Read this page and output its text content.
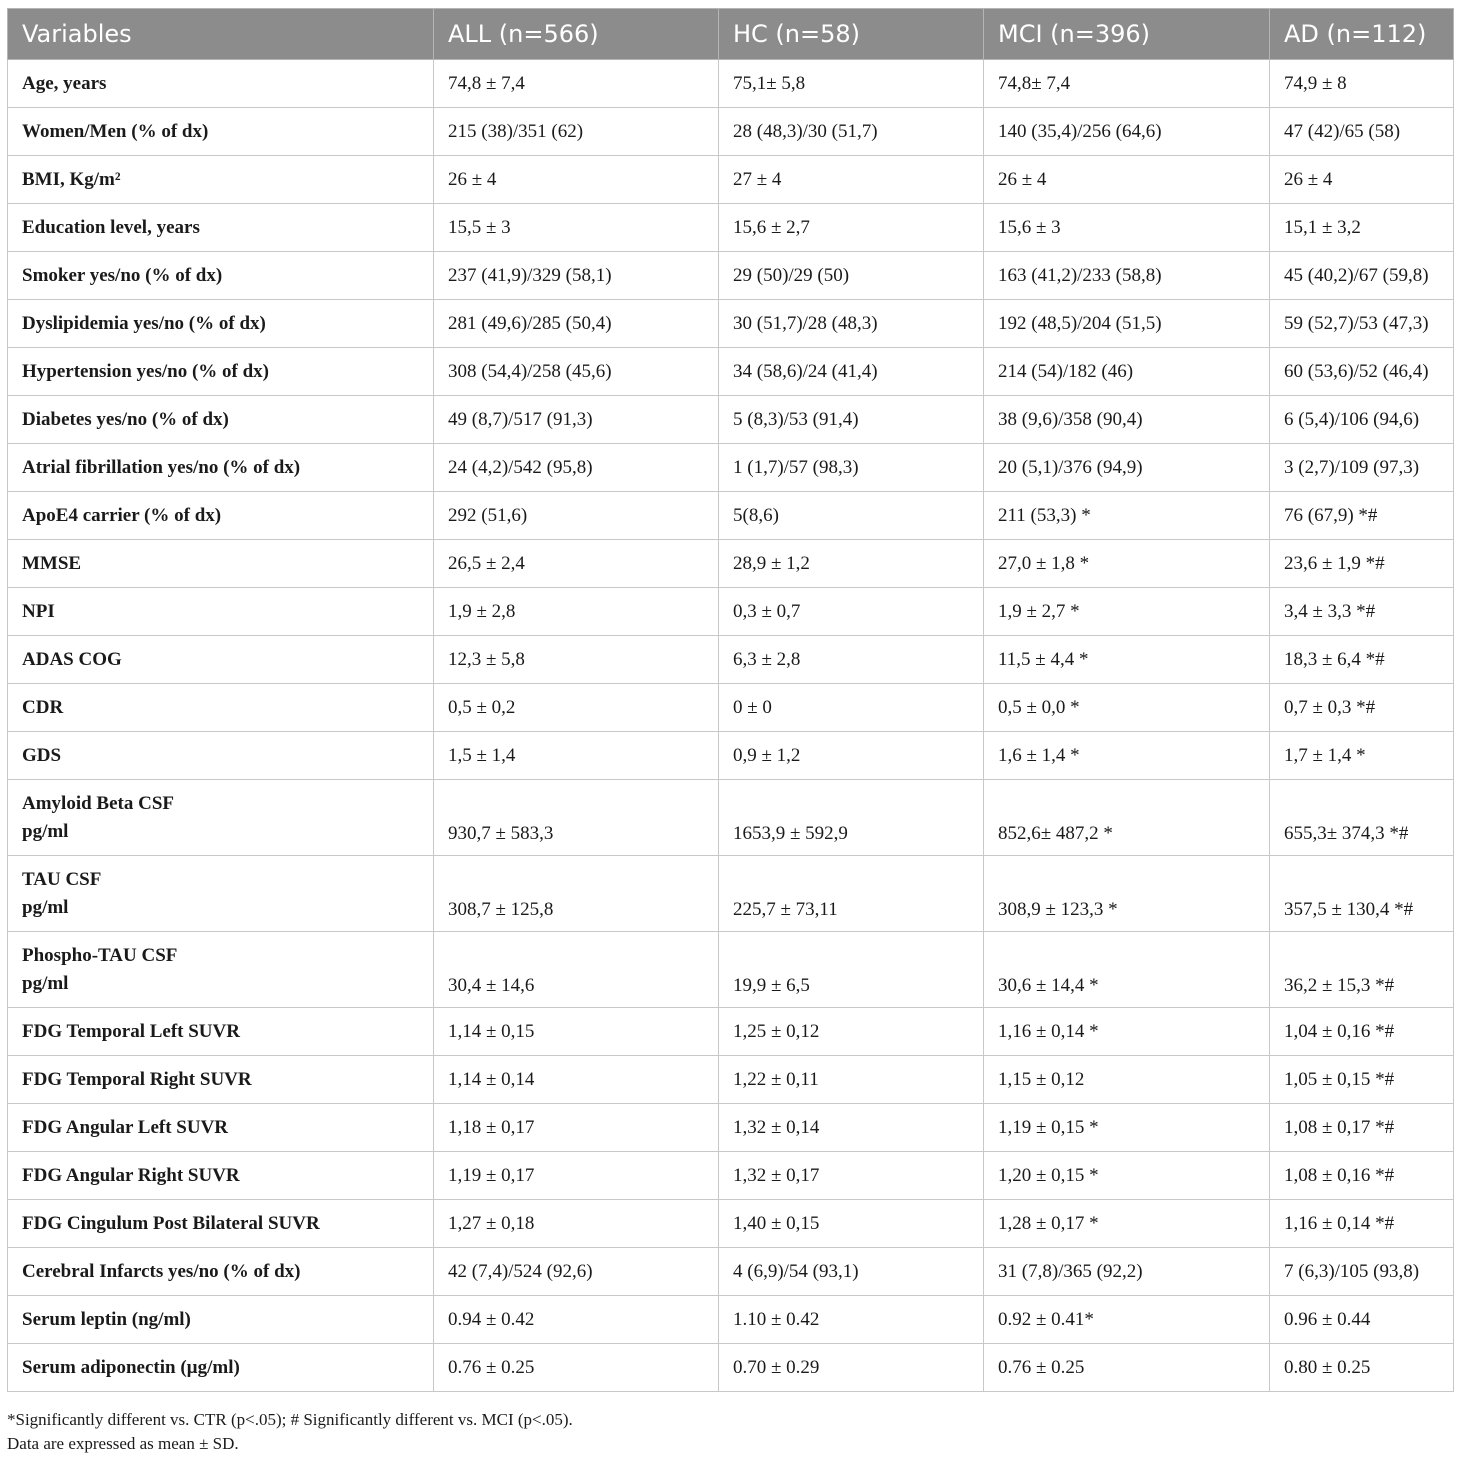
Variables	ALL (n=566)	HC (n=58)	MCI (n=396)	AD (n=112)
Age, years	74,8 ± 7,4	75,1± 5,8	74,8± 7,4	74,9 ± 8
Women/Men (% of dx)	215 (38)/351 (62)	28 (48,3)/30 (51,7)	140 (35,4)/256 (64,6)	47 (42)/65 (58)
BMI, Kg/m²	26 ± 4	27 ± 4	26 ± 4	26 ± 4
Education level, years	15,5 ± 3	15,6 ± 2,7	15,6 ± 3	15,1 ± 3,2
Smoker yes/no (% of dx)	237 (41,9)/329 (58,1)	29 (50)/29 (50)	163 (41,2)/233 (58,8)	45 (40,2)/67 (59,8)
Dyslipidemia yes/no (% of dx)	281 (49,6)/285 (50,4)	30 (51,7)/28 (48,3)	192 (48,5)/204 (51,5)	59 (52,7)/53 (47,3)
Hypertension yes/no (% of dx)	308 (54,4)/258 (45,6)	34 (58,6)/24 (41,4)	214 (54)/182 (46)	60 (53,6)/52 (46,4)
Diabetes yes/no (% of dx)	49 (8,7)/517 (91,3)	5 (8,3)/53 (91,4)	38 (9,6)/358 (90,4)	6 (5,4)/106 (94,6)
Atrial fibrillation yes/no (% of dx)	24 (4,2)/542 (95,8)	1 (1,7)/57 (98,3)	20 (5,1)/376 (94,9)	3 (2,7)/109 (97,3)
ApoE4 carrier (% of dx)	292 (51,6)	5(8,6)	211 (53,3) *	76 (67,9) *#
MMSE	26,5 ± 2,4	28,9 ± 1,2	27,0 ± 1,8 *	23,6 ± 1,9 *#
NPI	1,9 ± 2,8	0,3 ± 0,7	1,9 ± 2,7 *	3,4 ± 3,3 *#
ADAS COG	12,3 ± 5,8	6,3 ± 2,8	11,5 ± 4,4 *	18,3 ± 6,4 *#
CDR	0,5 ± 0,2	0 ± 0	0,5 ± 0,0 *	0,7 ± 0,3 *#
GDS	1,5 ± 1,4	0,9 ± 1,2	1,6 ± 1,4 *	1,7 ± 1,4 *

Amyloid Beta CSF
pg/ml	930,7 ± 583,3	1653,9 ± 592,9	852,6± 487,2 *	655,3± 374,3 *#

TAU CSF
pg/ml	308,7 ± 125,8	225,7 ± 73,11	308,9 ± 123,3 *	357,5 ± 130,4 *#

Phospho-TAU CSF
pg/ml	30,4 ± 14,6	19,9 ± 6,5	30,6 ± 14,4 *	36,2 ± 15,3 *#
FDG Temporal Left SUVR	1,14 ± 0,15	1,25 ± 0,12	1,16 ± 0,14 *	1,04 ± 0,16 *#
FDG Temporal Right SUVR	1,14 ± 0,14	1,22 ± 0,11	1,15 ± 0,12	1,05 ± 0,15 *#
FDG Angular Left SUVR	1,18 ± 0,17	1,32 ± 0,14	1,19 ± 0,15 *	1,08 ± 0,17 *#
FDG Angular Right SUVR	1,19 ± 0,17	1,32 ± 0,17	1,20 ± 0,15 *	1,08 ± 0,16 *#
FDG Cingulum Post Bilateral SUVR	1,27 ± 0,18	1,40 ± 0,15	1,28 ± 0,17 *	1,16 ± 0,14 *#
Cerebral Infarcts yes/no (% of dx)	42 (7,4)/524 (92,6)	4 (6,9)/54 (93,1)	31 (7,8)/365 (92,2)	7 (6,3)/105 (93,8)
Serum leptin (ng/ml)	0.94 ± 0.42	1.10 ± 0.42	0.92 ± 0.41*	0.96 ± 0.44
Serum adiponectin (µg/ml)	0.76 ± 0.25	0.70 ± 0.29	0.76 ± 0.25	0.80 ± 0.25
*Significantly different vs. CTR (p<.05); # Significantly different vs. MCI (p<.05).
Data are expressed as mean ± SD.
